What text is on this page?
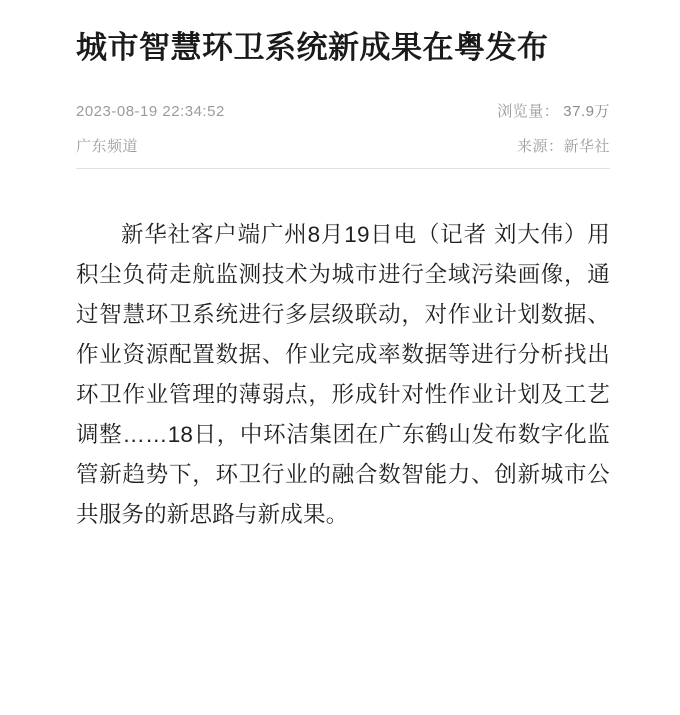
城市智慧环卫系统新成果在粤发布
2023-08-19 22:34:52	浏览量： 37.9万
广东频道	来源：新华社

新华社客户端广州8月19日电（记者 刘大伟）用积尘负荷走航监测技术为城市进行全域污染画像，通过智慧环卫系统进行多层级联动，对作业计划数据、作业资源配置数据、作业完成率数据等进行分析找出环卫作业管理的薄弱点，形成针对性作业计划及工艺调整……18日，中环洁集团在广东鹤山发布数字化监管新趋势下，环卫行业的融合数智能力、创新城市公共服务的新思路与新成果。
